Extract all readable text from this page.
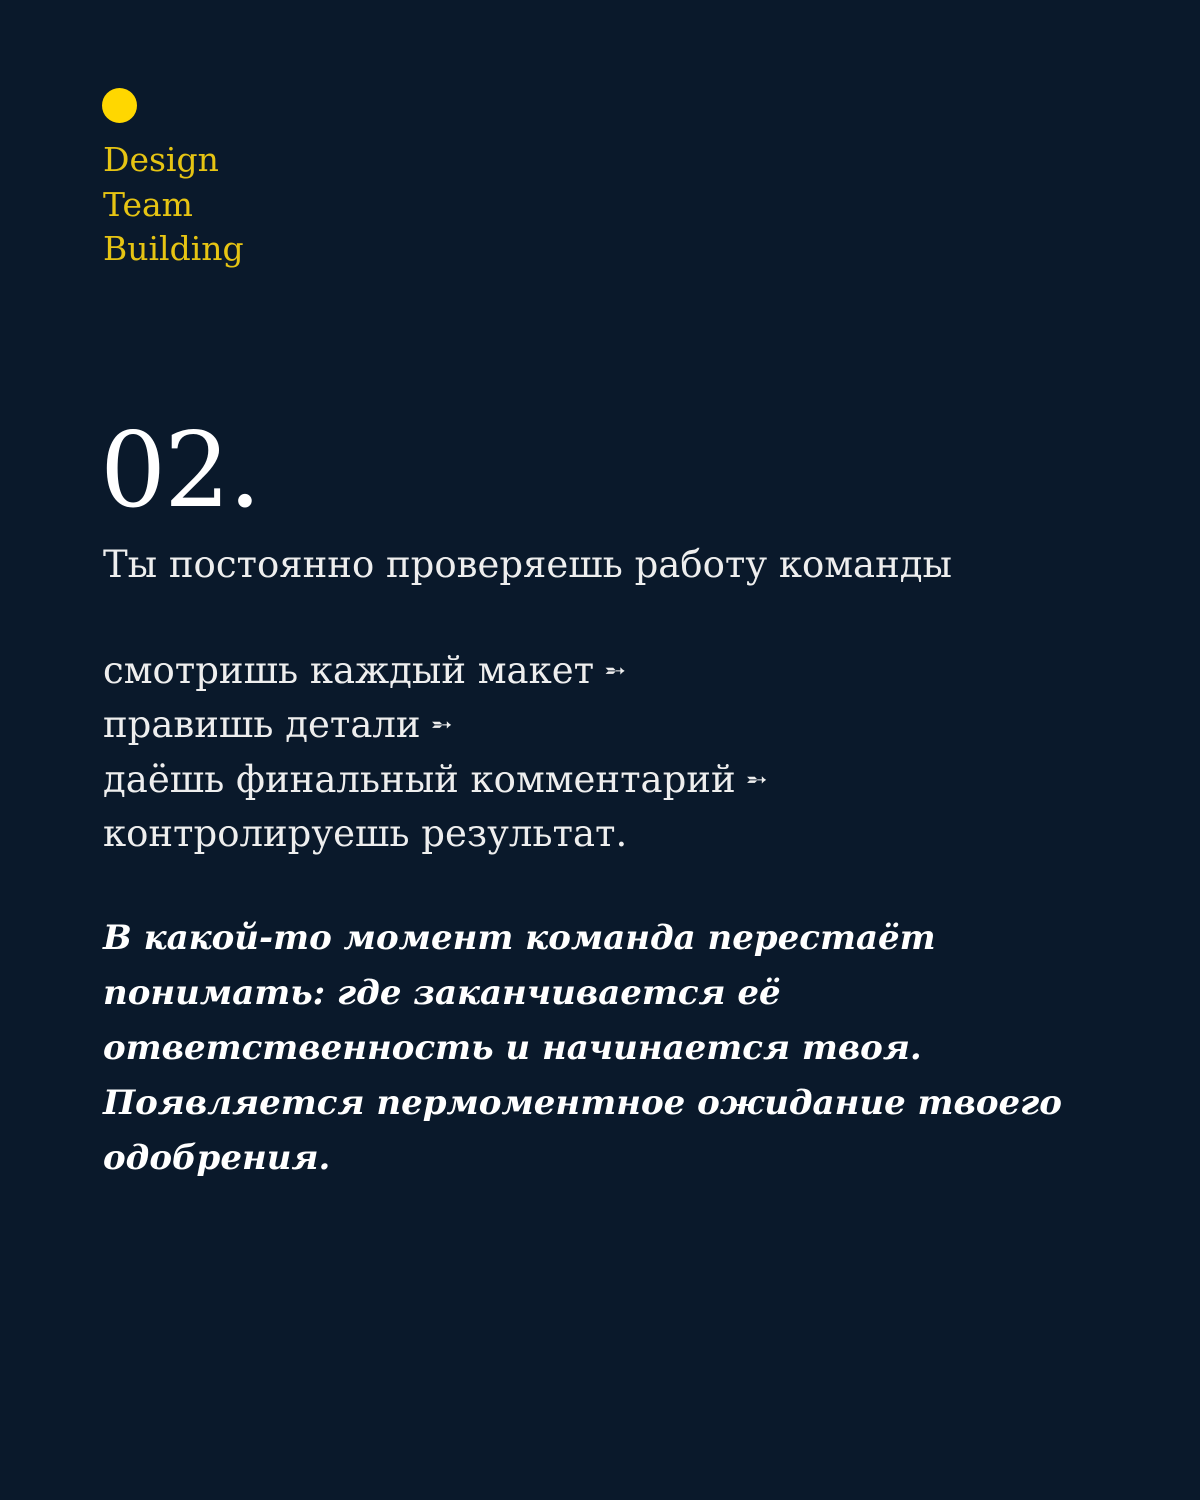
Design
Team
Building
02.
Ты постоянно проверяешь работу команды
смотришь каждый макет ➵
правишь детали ➵
даёшь финальный комментарий ➵
контролируешь результат.

В какой-то момент команда перестаёт
понимать: где заканчивается её
ответственность и начинается твоя.
Появляется пермоментное ожидание твоего
одобрения.
